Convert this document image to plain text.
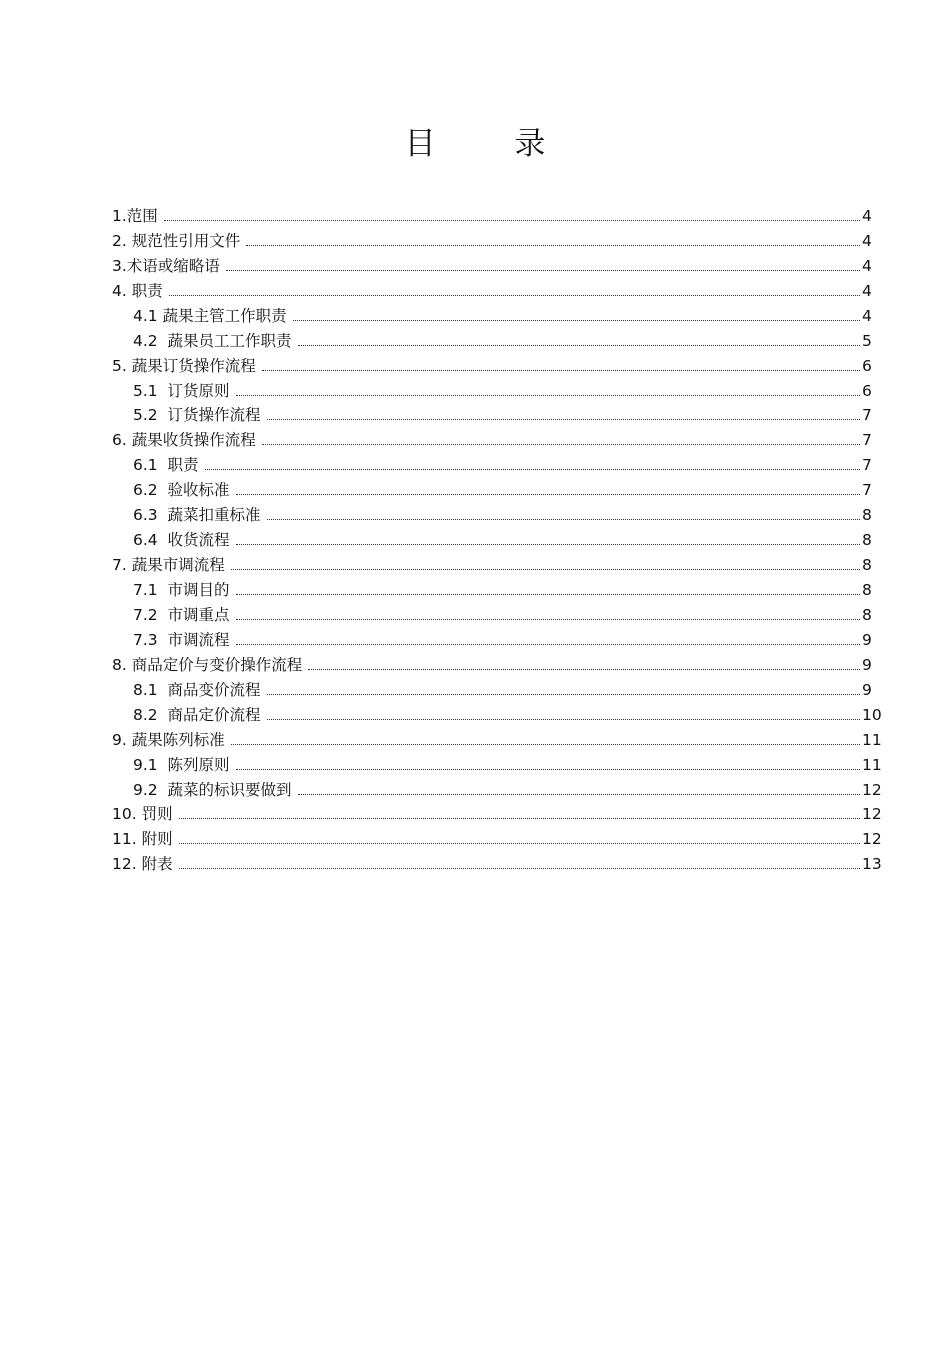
目        录
1.范围	4
2. 规范性引用文件	4
3.术语或缩略语	4
4. 职责	4
4.1 蔬果主管工作职责	4
4.2  蔬果员工工作职责	5
5. 蔬果订货操作流程	6
5.1  订货原则	6
5.2  订货操作流程	7
6. 蔬果收货操作流程	7
6.1  职责	7
6.2  验收标准	7
6.3  蔬菜扣重标准	8
6.4  收货流程	8
7. 蔬果市调流程	8
7.1  市调目的	8
7.2  市调重点	8
7.3  市调流程	9
8. 商品定价与变价操作流程	9
8.1  商品变价流程	9
8.2  商品定价流程	10
9. 蔬果陈列标准	11
9.1  陈列原则	11
9.2  蔬菜的标识要做到	12
10. 罚则	12
11. 附则	12
12. 附表	13
